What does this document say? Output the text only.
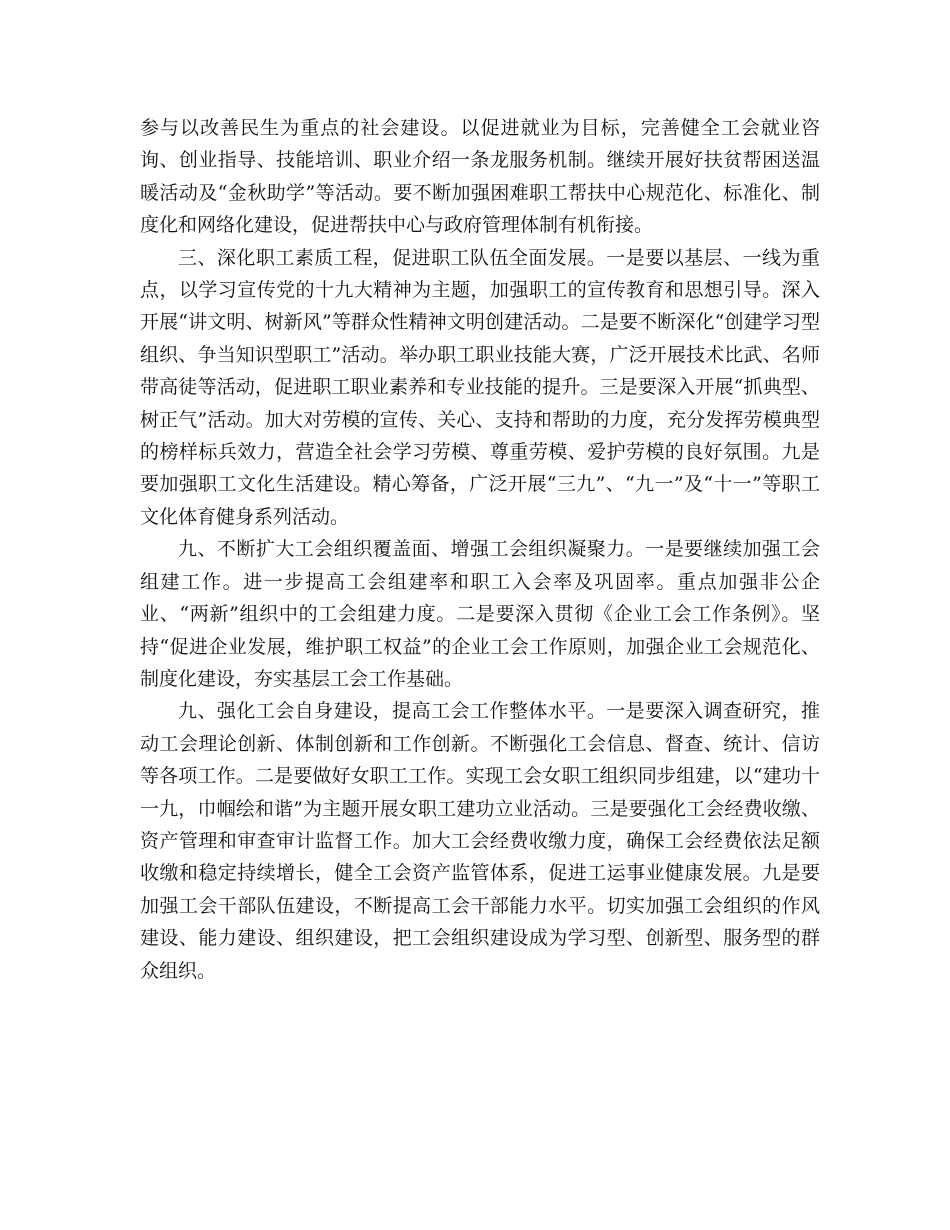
参与以改善民生为重点的社会建设。以促进就业为目标，完善健全工会就业咨询、创业指导、技能培训、职业介绍一条龙服务机制。继续开展好扶贫帮困送温暖活动及“金秋助学”等活动。要不断加强困难职工帮扶中心规范化、标准化、制度化和网络化建设，促进帮扶中心与政府管理体制有机衔接。

三、深化职工素质工程，促进职工队伍全面发展。一是要以基层、一线为重点，以学习宣传党的十九大精神为主题，加强职工的宣传教育和思想引导。深入开展“讲文明、树新风”等群众性精神文明创建活动。二是要不断深化“创建学习型组织、争当知识型职工”活动。举办职工职业技能大赛，广泛开展技术比武、名师带高徒等活动，促进职工职业素养和专业技能的提升。三是要深入开展“抓典型、树正气”活动。加大对劳模的宣传、关心、支持和帮助的力度，充分发挥劳模典型的榜样标兵效力，营造全社会学习劳模、尊重劳模、爱护劳模的良好氛围。九是要加强职工文化生活建设。精心筹备，广泛开展“三九”、“九一”及“十一”等职工文化体育健身系列活动。

九、不断扩大工会组织覆盖面、增强工会组织凝聚力。一是要继续加强工会组建工作。进一步提高工会组建率和职工入会率及巩固率。重点加强非公企业、“两新”组织中的工会组建力度。二是要深入贯彻《企业工会工作条例》。坚持“促进企业发展，维护职工权益”的企业工会工作原则，加强企业工会规范化、制度化建设，夯实基层工会工作基础。

九、强化工会自身建设，提高工会工作整体水平。一是要深入调查研究，推动工会理论创新、体制创新和工作创新。不断强化工会信息、督查、统计、信访等各项工作。二是要做好女职工工作。实现工会女职工组织同步组建，以“建功十一九，巾帼绘和谐”为主题开展女职工建功立业活动。三是要强化工会经费收缴、资产管理和审查审计监督工作。加大工会经费收缴力度，确保工会经费依法足额收缴和稳定持续增长，健全工会资产监管体系，促进工运事业健康发展。九是要加强工会干部队伍建设，不断提高工会干部能力水平。切实加强工会组织的作风建设、能力建设、组织建设，把工会组织建设成为学习型、创新型、服务型的群众组织。
